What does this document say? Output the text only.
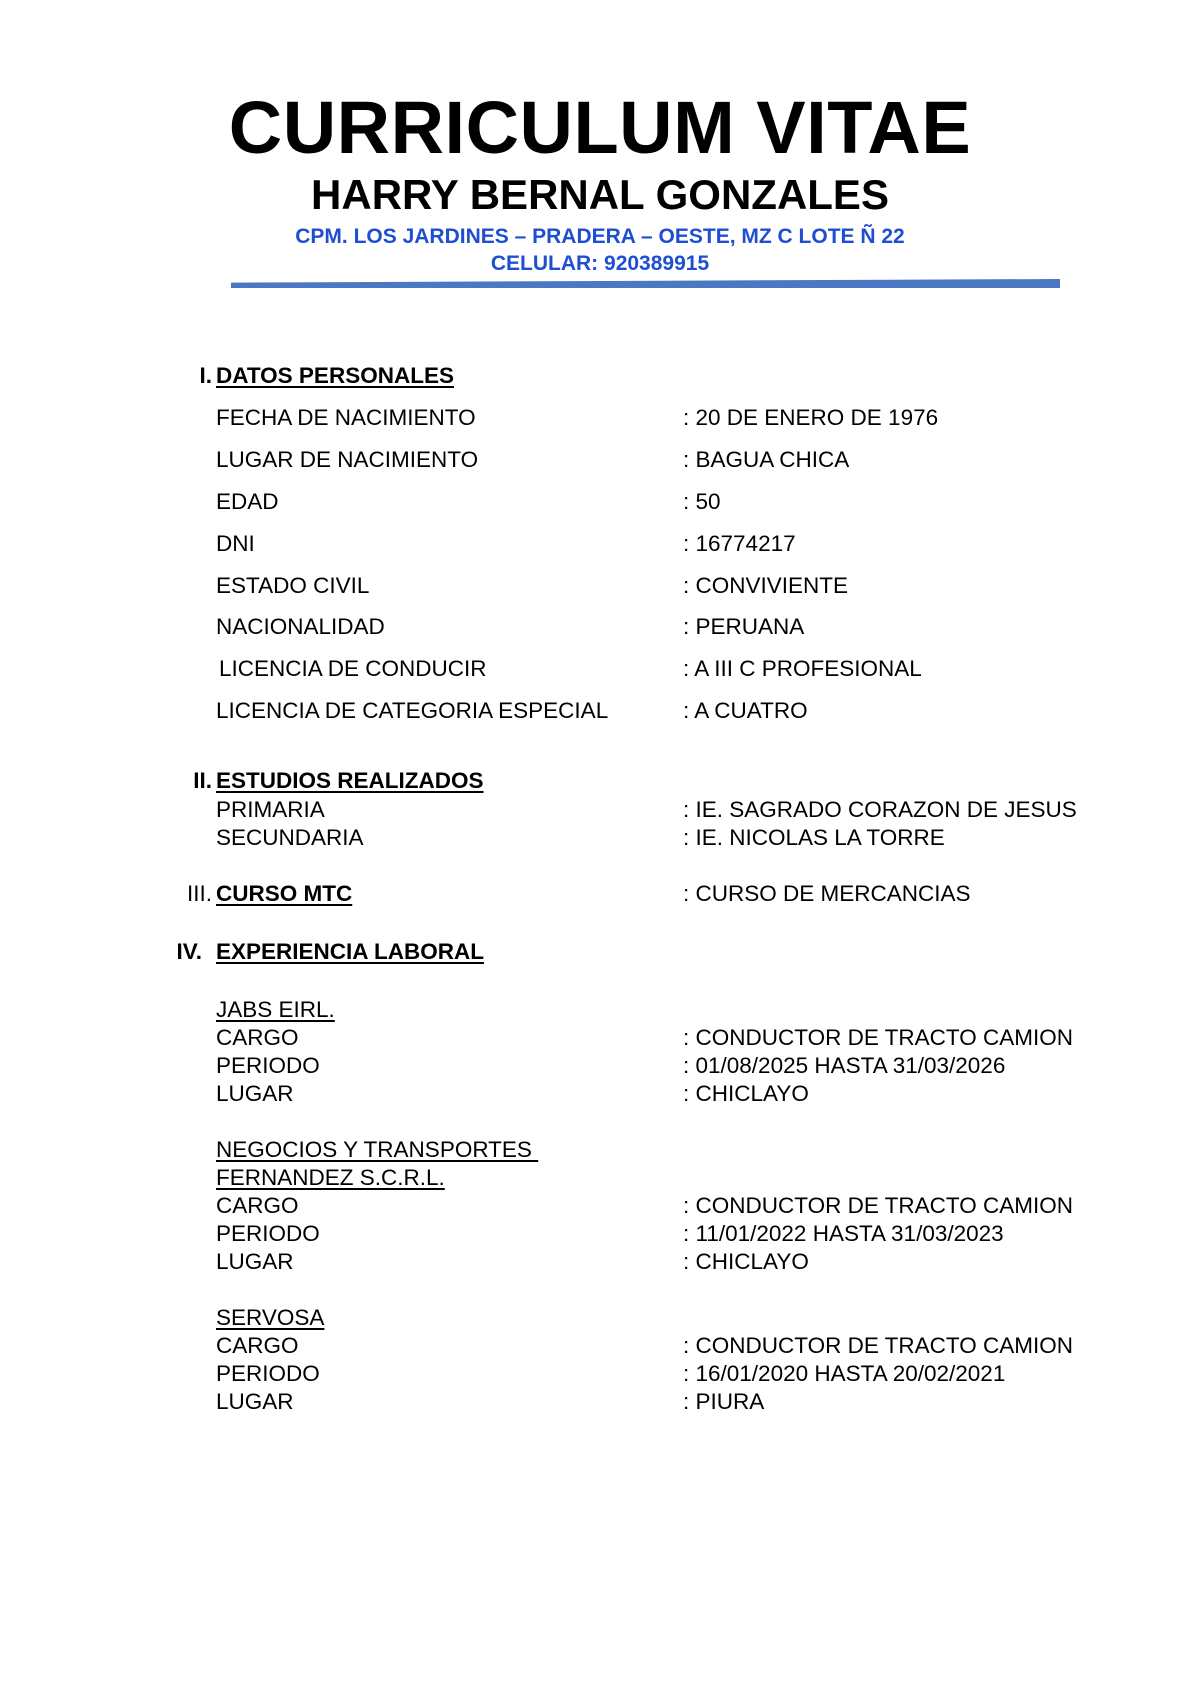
CURRICULUM VITAE
HARRY BERNAL GONZALES
CPM. LOS JARDINES – PRADERA – OESTE, MZ C LOTE Ñ 22
CELULAR: 920389915
I. DATOS PERSONALES
FECHA DE NACIMIENTO	: 20 DE ENERO DE 1976
LUGAR DE NACIMIENTO	: BAGUA CHICA
EDAD	: 50
DNI	: 16774217
ESTADO CIVIL	: CONVIVIENTE
NACIONALIDAD	: PERUANA
LICENCIA DE CONDUCIR	: A III C PROFESIONAL
LICENCIA DE CATEGORIA ESPECIAL	: A CUATRO
II. ESTUDIOS REALIZADOS
PRIMARIA	: IE. SAGRADO CORAZON DE JESUS
SECUNDARIA	: IE. NICOLAS LA TORRE
III. CURSO MTC	: CURSO DE MERCANCIAS
IV. EXPERIENCIA LABORAL
JABS EIRL.
CARGO	: CONDUCTOR DE TRACTO CAMION
PERIODO	: 01/08/2025 HASTA 31/03/2026
LUGAR	: CHICLAYO
NEGOCIOS Y TRANSPORTES
FERNANDEZ S.C.R.L.
CARGO	: CONDUCTOR DE TRACTO CAMION
PERIODO	: 11/01/2022 HASTA 31/03/2023
LUGAR	: CHICLAYO
SERVOSA
CARGO	: CONDUCTOR DE TRACTO CAMION
PERIODO	: 16/01/2020 HASTA 20/02/2021
LUGAR	: PIURA
